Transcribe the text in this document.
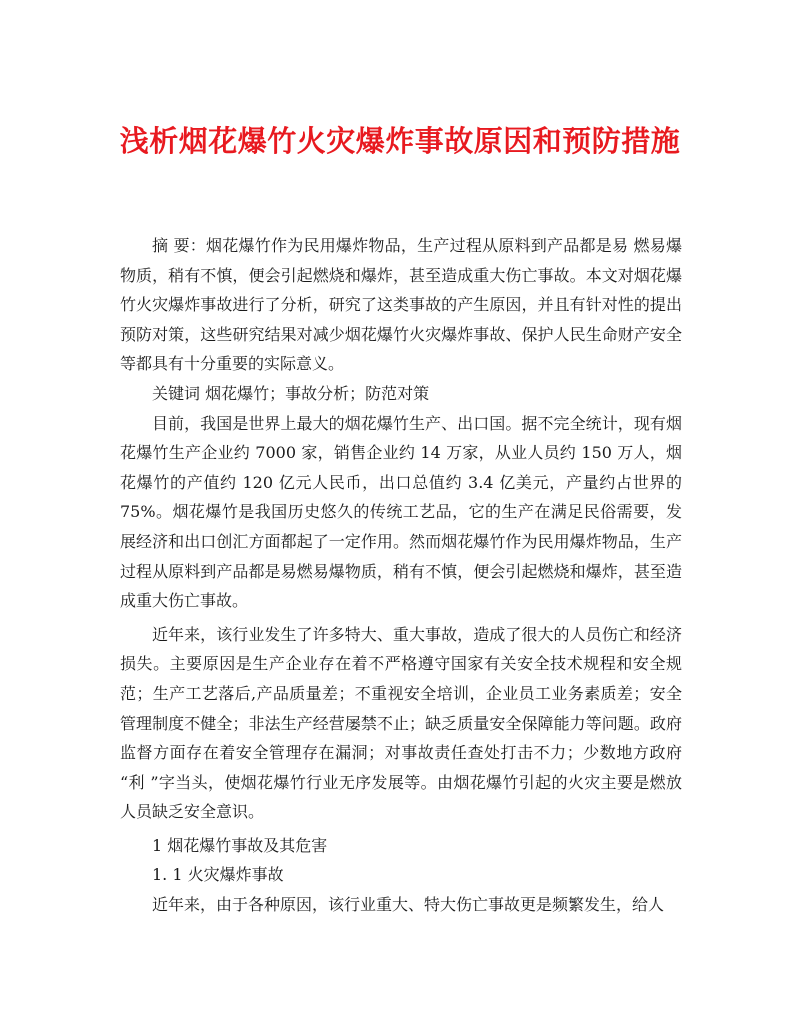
浅析烟花爆竹火灾爆炸事故原因和预防措施

摘 要：烟花爆竹作为民用爆炸物品，生产过程从原料到产品都是易 燃易爆物质，稍有不慎，便会引起燃烧和爆炸，甚至造成重大伤亡事故。本文对烟花爆竹火灾爆炸事故进行了分析，研究了这类事故的产生原因，并且有针对性的提出预防对策，这些研究结果对减少烟花爆竹火灾爆炸事故、保护人民生命财产安全等都具有十分重要的实际意义。

关键词 烟花爆竹；事故分析；防范对策

目前，我国是世界上最大的烟花爆竹生产、出口国。据不完全统计，现有烟花爆竹生产企业约 7000 家，销售企业约 14 万家，从业人员约 150 万人，烟花爆竹的产值约 120 亿元人民币，出口总值约 3.4 亿美元，产量约占世界的 75%。烟花爆竹是我国历史悠久的传统工艺品，它的生产在满足民俗需要，发展经济和出口创汇方面都起了一定作用。然而烟花爆竹作为民用爆炸物品，生产过程从原料到产品都是易燃易爆物质，稍有不慎，便会引起燃烧和爆炸，甚至造成重大伤亡事故。

近年来，该行业发生了许多特大、重大事故，造成了很大的人员伤亡和经济损失。主要原因是生产企业存在着不严格遵守国家有关安全技术规程和安全规范；生产工艺落后,产品质量差；不重视安全培训，企业员工业务素质差；安全管理制度不健全；非法生产经营屡禁不止；缺乏质量安全保障能力等问题。政府监督方面存在着安全管理存在漏洞；对事故责任查处打击不力；少数地方政府 “利 ”字当头，使烟花爆竹行业无序发展等。由烟花爆竹引起的火灾主要是燃放人员缺乏安全意识。

1 烟花爆竹事故及其危害

1. 1 火灾爆炸事故

近年来，由于各种原因，该行业重大、特大伤亡事故更是频繁发生，给人
